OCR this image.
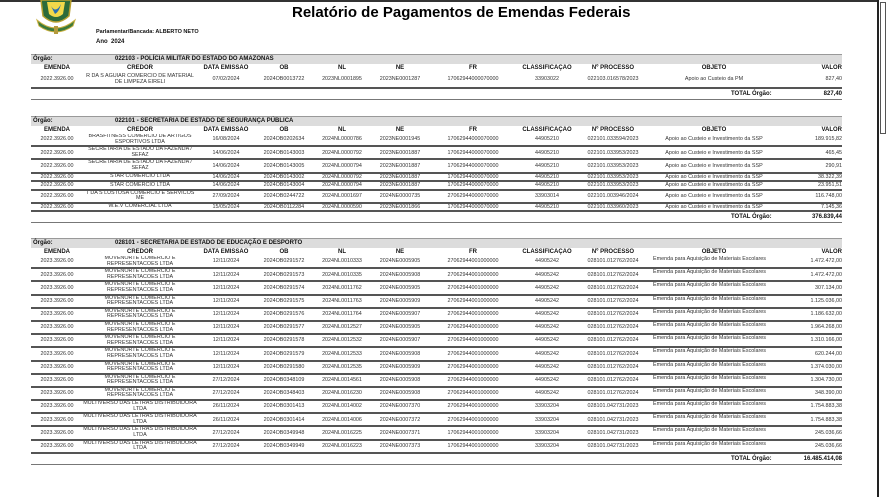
Relatório de Pagamentos de Emendas Federais
Parlamentar/Bancada: ALBERTO NETO
Ano 2024
Órgão:	022103 - POLÍCIA MILITAR DO ESTADO DO AMAZONAS
EMENDA	CREDOR	DATA EMISSÃO	OB	NL	NE	FR	CLASSIFICAÇÃO	Nº PROCESSO	OBJETO	VALOR
2022.3926.00	R DA S AGUIAR COMERCIO DE MATERIAL DE LIMPEZA EIRELI	07/02/2024	2024OB0013722	2023NL0001895	2023NE0001287	17062944000070000	33903022	022103.016578/2023	Apoio ao Custeio da PM	827,40
TOTAL Órgão:	827,40
Órgão:	022101 - SECRETARIA DE ESTADO DE SEGURANÇA PÚBLICA
EMENDA	CREDOR	DATA EMISSÃO	OB	NL	NE	FR	CLASSIFICAÇÃO	Nº PROCESSO	OBJETO	VALOR
2022.3926.00	BRASFITNESS COMERCIO DE ARTIGOS ESPORTIVOS LTDA	16/08/2024	2024OB0202634	2024NL0000786	2023NE0001945	17062944000070000	44905210	022101.033594/2023	Apoio ao Custeio e Investimento da SSP	189.915,82
2022.3926.00	SECRETARIA DE ESTADO DA FAZENDA / SEFAZ	14/06/2024	2024OB0143003	2024NL0000792	2023NE0001887	17062944000070000	44905210	022101.033953/2023	Apoio ao Custeio e Investimento da SSP	465,45
2022.3926.00	SECRETARIA DE ESTADO DA FAZENDA / SEFAZ	14/06/2024	2024OB0143005	2024NL0000794	2023NE0001887	17062944000070000	44905210	022101.033953/2023	Apoio ao Custeio e Investimento da SSP	290,91
2022.3926.00	STAR COMERCIO LTDA	14/06/2024	2024OB0143002	2024NL0000792	2023NE0001887	17062944000070000	44905210	022101.033953/2023	Apoio ao Custeio e Investimento da SSP	38.322,39
2022.3926.00	STAR COMERCIO LTDA	14/06/2024	2024OB0143004	2024NL0000794	2023NE0001887	17062944000070000	44905210	022101.033953/2023	Apoio ao Custeio e Investimento da SSP	23.951,51
2022.3926.00	T DA S LUSTOSA COMERCIO E SERVICOS ME	27/09/2024	2024OB0244722	2024NL0001697	2024NE0000735	27062944000070000	33903014	022101.003946/2024	Apoio ao Custeio e Investimento da SSP	116.748,00
2022.3926.00	W.E.V COMERCIAL LTDA	15/05/2024	2024OB0112284	2024NL0000590	2023NE0001866	17062944000070000	44905210	022101.033960/2023	Apoio ao Custeio e Investimento da SSP	7.145,36
TOTAL Órgão:	376.839,44
Órgão:	028101 - SECRETARIA DE ESTADO DE EDUCAÇÃO E DESPORTO
EMENDA	CREDOR	DATA EMISSÃO	OB	NL	NE	FR	CLASSIFICAÇÃO	Nº PROCESSO	OBJETO	VALOR
2023.3926.00	MOVENORTE COMERCIO E REPRESENTACOES LTDA	12/11/2024	2024OB0291572	2024NL0010333	2024NE0005905	27062944001000000	44905242	028101.012762/2024	Emenda para Aquisição de Materiais Escolares	1.472.472,00
2023.3926.00	MOVENORTE COMERCIO E REPRESENTACOES LTDA	12/11/2024	2024OB0291573	2024NL0010335	2024NE0005908	27062944001000000	44905242	028101.012762/2024	Emenda para Aquisição de Materiais Escolares	1.472.472,00
2023.3926.00	MOVENORTE COMERCIO E REPRESENTACOES LTDA	12/11/2024	2024OB0291574	2024NL0011762	2024NE0005905	27062944001000000	44905242	028101.012762/2024	Emenda para Aquisição de Materiais Escolares	307.134,00
2023.3926.00	MOVENORTE COMERCIO E REPRESENTACOES LTDA	12/11/2024	2024OB0291575	2024NL0011763	2024NE0005909	27062944001000000	44905242	028101.012762/2024	Emenda para Aquisição de Materiais Escolares	1.125.036,00
2023.3926.00	MOVENORTE COMERCIO E REPRESENTACOES LTDA	12/11/2024	2024OB0291576	2024NL0011764	2024NE0005907	27062944001000000	44905242	028101.012762/2024	Emenda para Aquisição de Materiais Escolares	1.186.632,00
2023.3926.00	MOVENORTE COMERCIO E REPRESENTACOES LTDA	12/11/2024	2024OB0291577	2024NL0012527	2024NE0005905	27062944001000000	44905242	028101.012762/2024	Emenda para Aquisição de Materiais Escolares	1.964.268,00
2023.3926.00	MOVENORTE COMERCIO E REPRESENTACOES LTDA	12/11/2024	2024OB0291578	2024NL0012532	2024NE0005907	27062944001000000	44905242	028101.012762/2024	Emenda para Aquisição de Materiais Escolares	1.310.166,00
2023.3926.00	MOVENORTE COMERCIO E REPRESENTACOES LTDA	12/11/2024	2024OB0291579	2024NL0012533	2024NE0005908	27062944001000000	44905242	028101.012762/2024	Emenda para Aquisição de Materiais Escolares	620.244,00
2023.3926.00	MOVENORTE COMERCIO E REPRESENTACOES LTDA	12/11/2024	2024OB0291580	2024NL0012535	2024NE0005909	27062944001000000	44905242	028101.012762/2024	Emenda para Aquisição de Materiais Escolares	1.374.030,00
2023.3926.00	MOVENORTE COMERCIO E REPRESENTACOES LTDA	27/12/2024	2024OB0348109	2024NL0014561	2024NE0005908	27062944001000000	44905242	028101.012762/2024	Emenda para Aquisição de Materiais Escolares	1.304.730,00
2023.3926.00	MOVENORTE COMERCIO E REPRESENTACOES LTDA	27/12/2024	2024OB0348403	2024NL0016230	2024NE0005908	27062944001000000	44905242	028101.012762/2024	Emenda para Aquisição de Materiais Escolares	348.390,00
2023.3926.00	MULTIVERSO DAS LETRAS DISTRIBUIDORA LTDA	26/11/2024	2024OB0301413	2024NL0014002	2024NE0007370	27062944001000000	33903204	028101.042731/2023	Emenda para Aquisição de Materiais Escolares	1.754.883,38
2023.3926.00	MULTIVERSO DAS LETRAS DISTRIBUIDORA LTDA	26/11/2024	2024OB0301414	2024NL0014006	2024NE0007372	27062944001000000	33903204	028101.042731/2023	Emenda para Aquisição de Materiais Escolares	1.754.883,38
2023.3926.00	MULTIVERSO DAS LETRAS DISTRIBUIDORA LTDA	27/12/2024	2024OB0349948	2024NL0016225	2024NE0007371	17062944001000000	33903204	028101.042731/2023	Emenda para Aquisição de Materiais Escolares	245.036,66
2023.3926.00	MULTIVERSO DAS LETRAS DISTRIBUIDORA LTDA	27/12/2024	2024OB0349949	2024NL0016223	2024NE0007373	17062944001000000	33903204	028101.042731/2023	Emenda para Aquisição de Materiais Escolares	245.036,66
TOTAL Órgão:	16.485.414,08
